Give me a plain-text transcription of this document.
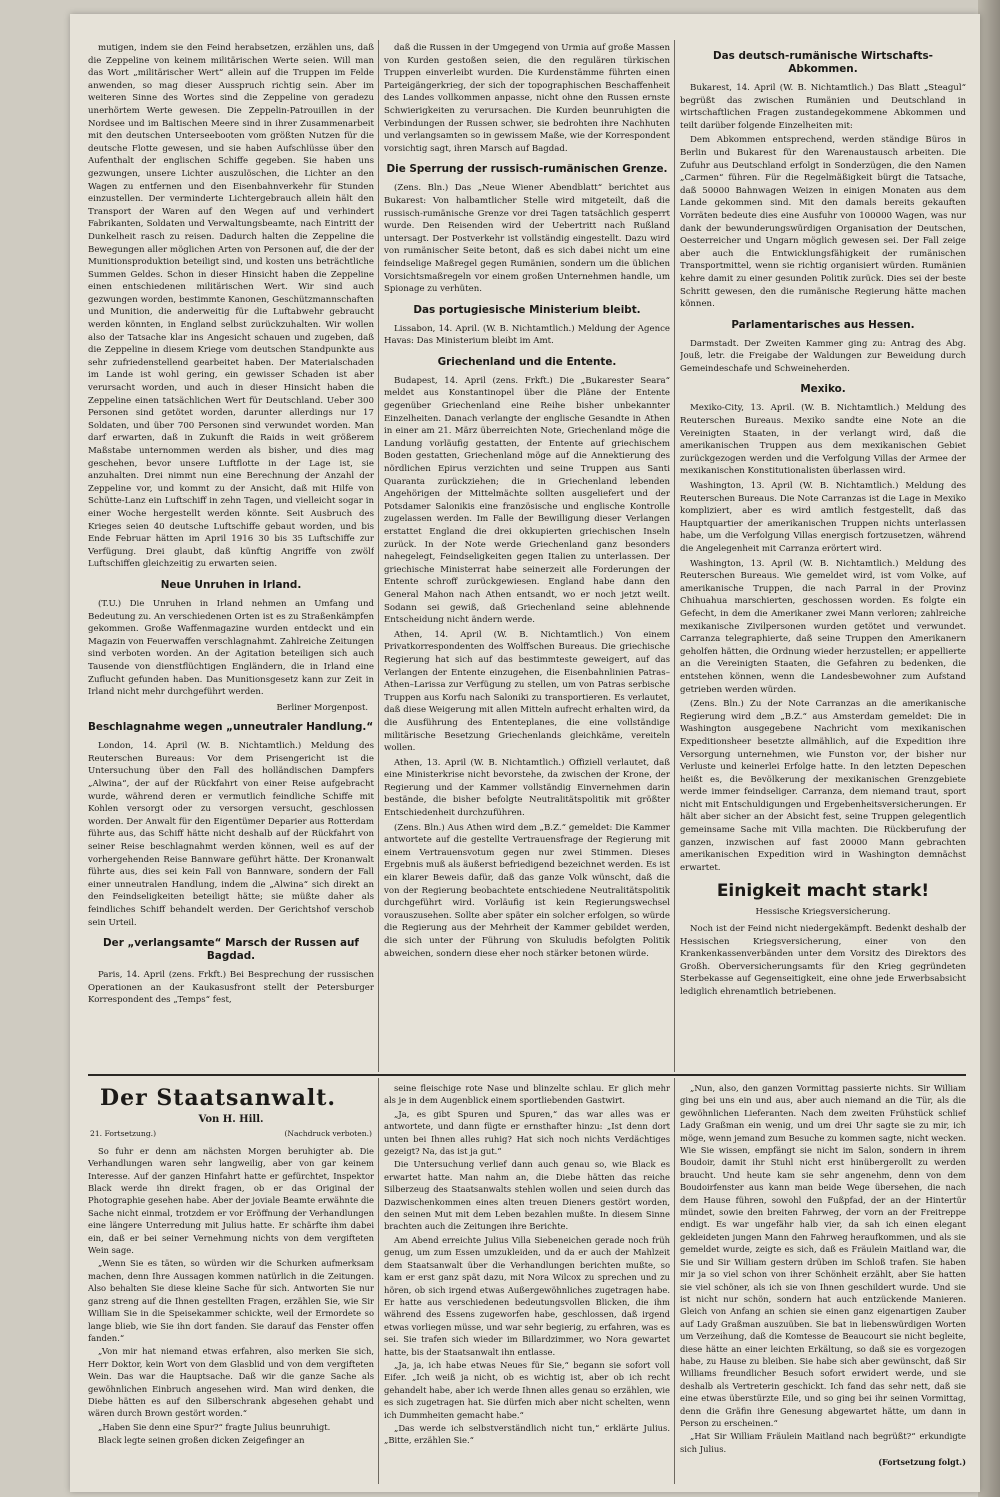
mutigen, indem sie den Feind herabsetzen, erzählen uns, daß die Zeppeline von keinem militärischen Werte seien. Will man das Wort „militärischer Wert“ allein auf die Truppen im Felde anwenden, so mag dieser Ausspruch richtig sein. Aber im weiteren Sinne des Wortes sind die Zeppeline von geradezu unerhörtem Werte gewesen. Die Zeppelin-Patrouillen in der Nordsee und im Baltischen Meere sind in ihrer Zusammenarbeit mit den deutschen Unterseebooten vom größten Nutzen für die deutsche Flotte gewesen, und sie haben Aufschlüsse über den Aufenthalt der englischen Schiffe gegeben. Sie haben uns gezwungen, unsere Lichter auszulöschen, die Lichter an den Wagen zu entfernen und den Eisenbahnverkehr für Stunden einzustellen. Der verminderte Lichtergebrauch allein hält den Transport der Waren auf den Wegen auf und verhindert Fabrikanten, Soldaten und Verwaltungsbeamte, nach Eintritt der Dunkelheit rasch zu reisen. Dadurch halten die Zeppeline die Bewegungen aller möglichen Arten von Personen auf, die der der Munitionsproduktion beteiligt sind, und kosten uns beträchtliche Summen Geldes. Schon in dieser Hinsicht haben die Zeppeline einen entschiedenen militärischen Wert. Wir sind auch gezwungen worden, bestimmte Kanonen, Geschützmannschaften und Munition, die anderweitig für die Luftabwehr gebraucht werden könnten, in England selbst zurückzuhalten. Wir wollen also der Tatsache klar ins Angesicht schauen und zugeben, daß die Zeppeline in diesem Kriege vom deutschen Standpunkte aus sehr zufriedenstellend gearbeitet haben. Der Materialschaden im Lande ist wohl gering, ein gewisser Schaden ist aber verursacht worden, und auch in dieser Hinsicht haben die Zeppeline einen tatsächlichen Wert für Deutschland. Ueber 300 Personen sind getötet worden, darunter allerdings nur 17 Soldaten, und über 700 Personen sind verwundet worden. Man darf erwarten, daß in Zukunft die Raids in weit größerem Maßstabe unternommen werden als bisher, und dies mag geschehen, bevor unsere Luftflotte in der Lage ist, sie anzuhalten. Drei nimmt nun eine Berechnung der Anzahl der Zeppeline vor, und kommt zu der Ansicht, daß mit Hilfe von Schütte-Lanz ein Luftschiff in zehn Tagen, und vielleicht sogar in einer Woche hergestellt werden könnte. Seit Ausbruch des Krieges seien 40 deutsche Luftschiffe gebaut worden, und bis Ende Februar hätten im April 1916 30 bis 35 Luftschiffe zur Verfügung. Drei glaubt, daß künftig Angriffe von zwölf Luftschiffen gleichzeitig zu erwarten seien.

Neue Unruhen in Irland.

(T.U.) Die Unruhen in Irland nehmen an Umfang und Bedeutung zu. An verschiedenen Orten ist es zu Straßenkämpfen gekommen. Große Waffenmagazine wurden entdeckt und ein Magazin von Feuerwaffen verschlagnahmt. Zahlreiche Zeitungen sind verboten worden. An der Agitation beteiligen sich auch Tausende von dienstflüchtigen Engländern, die in Irland eine Zuflucht gefunden haben. Das Munitionsgesetz kann zur Zeit in Irland nicht mehr durchgeführt werden.

Berliner Morgenpost.
Beschlagnahme wegen „unneutraler Handlung.“

London, 14. April (W. B. Nichtamtlich.) Meldung des Reuterschen Bureaus: Vor dem Prisengericht ist die Untersuchung über den Fall des holländischen Dampfers „Alwina“, der auf der Rückfahrt von einer Reise aufgebracht wurde, während deren er vermutlich feindliche Schiffe mit Kohlen versorgt oder zu versorgen versucht, geschlossen worden. Der Anwalt für den Eigentümer Deparier aus Rotterdam führte aus, das Schiff hätte nicht deshalb auf der Rückfahrt von seiner Reise beschlagnahmt werden können, weil es auf der vorhergehenden Reise Bannware geführt hätte. Der Kronanwalt führte aus, dies sei kein Fall von Bannware, sondern der Fall einer unneutralen Handlung, indem die „Alwina“ sich direkt an den Feindseligkeiten beteiligt hätte; sie müßte daher als feindliches Schiff behandelt werden. Der Gerichtshof verschob sein Urteil.

Der „verlangsamte“ Marsch der Russen auf Bagdad.

Paris, 14. April (zens. Frkft.) Bei Besprechung der russischen Operationen an der Kaukasusfront stellt der Petersburger Korrespondent des „Temps“ fest,

daß die Russen in der Umgegend von Urmia auf große Massen von Kurden gestoßen seien, die den regulären türkischen Truppen einverleibt wurden. Die Kurdenstämme führten einen Parteigängerkrieg, der sich der topographischen Beschaffenheit des Landes vollkommen anpasse, nicht ohne den Russen ernste Schwierigkeiten zu verursachen. Die Kurden beunruhigten die Verbindungen der Russen schwer, sie bedrohten ihre Nachhuten und verlangsamten so in gewissem Maße, wie der Korrespondent vorsichtig sagt, ihren Marsch auf Bagdad.

Die Sperrung der russisch-rumänischen Grenze.

(Zens. Bln.) Das „Neue Wiener Abendblatt“ berichtet aus Bukarest: Von halbamtlicher Stelle wird mitgeteilt, daß die russisch-rumänische Grenze vor drei Tagen tatsächlich gesperrt wurde. Den Reisenden wird der Uebertritt nach Rußland untersagt. Der Postverkehr ist vollständig eingestellt. Dazu wird von rumänischer Seite betont, daß es sich dabei nicht um eine feindselige Maßregel gegen Rumänien, sondern um die üblichen Vorsichtsmaßregeln vor einem großen Unternehmen handle, um Spionage zu verhüten.

Das portugiesische Ministerium bleibt.

Lissabon, 14. April. (W. B. Nichtamtlich.) Meldung der Agence Havas: Das Ministerium bleibt im Amt.

Griechenland und die Entente.

Budapest, 14. April (zens. Frkft.) Die „Bukarester Seara“ meldet aus Konstantinopel über die Pläne der Entente gegenüber Griechenland eine Reihe bisher unbekannter Einzelheiten. Danach verlangte der englische Gesandte in Athen in einer am 21. März überreichten Note, Griechenland möge die Landung vorläufig gestatten, der Entente auf griechischem Boden gestatten, Griechenland möge auf die Annektierung des nördlichen Epirus verzichten und seine Truppen aus Santi Quaranta zurückziehen; die in Griechenland lebenden Angehörigen der Mittelmächte sollten ausgeliefert und der Potsdamer Salonikis eine französische und englische Kontrolle zugelassen werden. Im Falle der Bewilligung dieser Verlangen erstattet England die drei okkupierten griechischen Inseln zurück. In der Note werde Griechenland ganz besonders nahegelegt, Feindseligkeiten gegen Italien zu unterlassen. Der griechische Ministerrat habe seinerzeit alle Forderungen der Entente schroff zurückgewiesen. England habe dann den General Mahon nach Athen entsandt, wo er noch jetzt weilt. Sodann sei gewiß, daß Griechenland seine ablehnende Entscheidung nicht ändern werde.

Athen, 14. April (W. B. Nichtamtlich.) Von einem Privatkorrespondenten des Wolffschen Bureaus. Die griechische Regierung hat sich auf das bestimmteste geweigert, auf das Verlangen der Entente einzugehen, die Eisenbahnlinien Patras–Athen–Larissa zur Verfügung zu stellen, um von Patras serbische Truppen aus Korfu nach Saloniki zu transportieren. Es verlautet, daß diese Weigerung mit allen Mitteln aufrecht erhalten wird, da die Ausführung des Ententeplanes, die eine vollständige militärische Besetzung Griechenlands gleichkäme, vereiteln wollen.

Athen, 13. April (W. B. Nichtamtlich.) Offiziell verlautet, daß eine Ministerkrise nicht bevorstehe, da zwischen der Krone, der Regierung und der Kammer vollständig Einvernehmen darin bestände, die bisher befolgte Neutralitätspolitik mit größter Entschiedenheit durchzuführen.

(Zens. Bln.) Aus Athen wird dem „B.Z.“ gemeldet: Die Kammer antwortete auf die gestellte Vertrauensfrage der Regierung mit einem Vertrauensvotum gegen nur zwei Stimmen. Dieses Ergebnis muß als äußerst befriedigend bezeichnet werden. Es ist ein klarer Beweis dafür, daß das ganze Volk wünscht, daß die von der Regierung beobachtete entschiedene Neutralitätspolitik durchgeführt wird. Vorläufig ist kein Regierungswechsel vorauszusehen. Sollte aber später ein solcher erfolgen, so würde die Regierung aus der Mehrheit der Kammer gebildet werden, die sich unter der Führung von Skuludis befolgten Politik abweichen, sondern diese eher noch stärker betonen würde.

Das deutsch-rumänische Wirtschafts-Abkommen.

Bukarest, 14. April (W. B. Nichtamtlich.) Das Blatt „Steagul“ begrüßt das zwischen Rumänien und Deutschland in wirtschaftlichen Fragen zustandegekommene Abkommen und teilt darüber folgende Einzelheiten mit:

Dem Abkommen entsprechend, werden ständige Büros in Berlin und Bukarest für den Warenaustausch arbeiten. Die Zufuhr aus Deutschland erfolgt in Sonderzügen, die den Namen „Carmen“ führen. Für die Regelmäßigkeit bürgt die Tatsache, daß 50000 Bahnwagen Weizen in einigen Monaten aus dem Lande gekommen sind. Mit den damals bereits gekauften Vorräten bedeute dies eine Ausfuhr von 100000 Wagen, was nur dank der bewunderungswürdigen Organisation der Deutschen, Oesterreicher und Ungarn möglich gewesen sei. Der Fall zeige aber auch die Entwicklungsfähigkeit der rumänischen Transportmittel, wenn sie richtig organisiert würden. Rumänien kehre damit zu einer gesunden Politik zurück. Dies sei der beste Schritt gewesen, den die rumänische Regierung hätte machen können.

Parlamentarisches aus Hessen.

Darmstadt. Der Zweiten Kammer ging zu: Antrag des Abg. Jouß, letr. die Freigabe der Waldungen zur Beweidung durch Gemeindeschafe und Schweineherden.

Mexiko.

Mexiko-City, 13. April. (W. B. Nichtamtlich.) Meldung des Reuterschen Bureaus. Mexiko sandte eine Note an die Vereinigten Staaten, in der verlangt wird, daß die amerikanischen Truppen aus dem mexikanischen Gebiet zurückgezogen werden und die Verfolgung Villas der Armee der mexikanischen Konstitutionalisten überlassen wird.

Washington, 13. April (W. B. Nichtamtlich.) Meldung des Reuterschen Bureaus. Die Note Carranzas ist die Lage in Mexiko kompliziert, aber es wird amtlich festgestellt, daß das Hauptquartier der amerikanischen Truppen nichts unterlassen habe, um die Verfolgung Villas energisch fortzusetzen, während die Angelegenheit mit Carranza erörtert wird.

Washington, 13. April (W. B. Nichtamtlich.) Meldung des Reuterschen Bureaus. Wie gemeldet wird, ist vom Volke, auf amerikanische Truppen, die nach Parral in der Provinz Chihuahua marschierten, geschossen worden. Es folgte ein Gefecht, in dem die Amerikaner zwei Mann verloren; zahlreiche mexikanische Zivilpersonen wurden getötet und verwundet. Carranza telegraphierte, daß seine Truppen den Amerikanern geholfen hätten, die Ordnung wieder herzustellen; er appellierte an die Vereinigten Staaten, die Gefahren zu bedenken, die entstehen können, wenn die Landesbewohner zum Aufstand getrieben werden würden.

(Zens. Bln.) Zu der Note Carranzas an die amerikanische Regierung wird dem „B.Z.“ aus Amsterdam gemeldet: Die in Washington ausgegebene Nachricht vom mexikanischen Expeditionsheer besetzte allmählich, auf die Expedition ihre Versorgung unternehmen, wie Funston vor, der bisher nur Verluste und keinerlei Erfolge hatte. In den letzten Depeschen heißt es, die Bevölkerung der mexikanischen Grenzgebiete werde immer feindseliger. Carranza, dem niemand traut, sport nicht mit Entschuldigungen und Ergebenheitsversicherungen. Er hält aber sicher an der Absicht fest, seine Truppen gelegentlich gemeinsame Sache mit Villa machten. Die Rückberufung der ganzen, inzwischen auf fast 20000 Mann gebrachten amerikanischen Expedition wird in Washington demnächst erwartet.

Einigkeit macht stark!
Hessische Kriegsversicherung.

Noch ist der Feind nicht niedergekämpft. Bedenkt deshalb der Hessischen Kriegsversicherung, einer von den Krankenkassenverbänden unter dem Vorsitz des Direktors des Großh. Oberversicherungsamts für den Krieg gegründeten Sterbekasse auf Gegenseitigkeit, eine ohne jede Erwerbsabsicht lediglich ehrenamtlich betriebenen.

Der Staatsanwalt.
Von H. Hill.
21. Fortsetzung.)	(Nachdruck verboten.)

So fuhr er denn am nächsten Morgen beruhigter ab. Die Verhandlungen waren sehr langweilig, aber von gar keinem Interesse. Auf der ganzen Hinfahrt hatte er gefürchtet, Inspektor Black werde ihn direkt fragen, ob er das Original der Photographie gesehen habe. Aber der joviale Beamte erwähnte die Sache nicht einmal, trotzdem er vor Eröffnung der Verhandlungen eine längere Unterredung mit Julius hatte. Er schärfte ihm dabei ein, daß er bei seiner Vernehmung nichts von dem vergifteten Wein sage.

„Wenn Sie es täten, so würden wir die Schurken aufmerksam machen, denn Ihre Aussagen kommen natürlich in die Zeitungen. Also behalten Sie diese kleine Sache für sich. Antworten Sie nur ganz streng auf die Ihnen gestellten Fragen, erzählen Sie, wie Sir William Sie in die Speisekammer schickte, weil der Ermordete so lange blieb, wie Sie ihn dort fanden. Sie darauf das Fenster offen fanden.“

„Von mir hat niemand etwas erfahren, also merken Sie sich, Herr Doktor, kein Wort von dem Glasblid und von dem vergifteten Wein. Das war die Hauptsache. Daß wir die ganze Sache als gewöhnlichen Einbruch angesehen wird. Man wird denken, die Diebe hätten es auf den Silberschrank abgesehen gehabt und wären durch Brown gestört worden.“

„Haben Sie denn eine Spur?“ fragte Julius beunruhigt.

Black legte seinen großen dicken Zeigefinger an

seine fleischige rote Nase und blinzelte schlau. Er glich mehr als je in dem Augenblick einem sportliebenden Gastwirt.

„Ja, es gibt Spuren und Spuren,“ das war alles was er antwortete, und dann fügte er ernsthafter hinzu: „Ist denn dort unten bei Ihnen alles ruhig? Hat sich noch nichts Verdächtiges gezeigt? Na, das ist ja gut.“

Die Untersuchung verlief dann auch genau so, wie Black es erwartet hatte. Man nahm an, die Diebe hätten das reiche Silberzeug des Staatsanwalts stehlen wollen und seien durch das Dazwischenkommen eines alten treuen Dieners gestört worden, den seinen Mut mit dem Leben bezahlen mußte. In diesem Sinne brachten auch die Zeitungen ihre Berichte.

Am Abend erreichte Julius Villa Siebeneichen gerade noch früh genug, um zum Essen umzukleiden, und da er auch der Mahlzeit dem Staatsanwalt über die Verhandlungen berichten mußte, so kam er erst ganz spät dazu, mit Nora Wilcox zu sprechen und zu hören, ob sich irgend etwas Außergewöhnliches zugetragen habe. Er hatte aus verschiedenen bedeutungsvollen Blicken, die ihm während des Essens zugeworfen habe, geschlossen, daß irgend etwas vorliegen müsse, und war sehr begierig, zu erfahren, was es sei. Sie trafen sich wieder im Billardzimmer, wo Nora gewartet hatte, bis der Staatsanwalt ihn entlasse.

„Ja, ja, ich habe etwas Neues für Sie,“ begann sie sofort voll Eifer. „Ich weiß ja nicht, ob es wichtig ist, aber ob ich recht gehandelt habe, aber ich werde Ihnen alles genau so erzählen, wie es sich zugetragen hat. Sie dürfen mich aber nicht schelten, wenn ich Dummheiten gemacht habe.“

„Das werde ich selbstverständlich nicht tun,“ erklärte Julius. „Bitte, erzählen Sie.“

„Nun, also, den ganzen Vormittag passierte nichts. Sir William ging bei uns ein und aus, aber auch niemand an die Tür, als die gewöhnlichen Lieferanten. Nach dem zweiten Frühstück schlief Lady Graßman ein wenig, und um drei Uhr sagte sie zu mir, ich möge, wenn jemand zum Besuche zu kommen sagte, nicht wecken. Wie Sie wissen, empfängt sie nicht im Salon, sondern in ihrem Boudoir, damit ihr Stuhl nicht erst hinübergerollt zu werden braucht. Und heute kam sie sehr angenehm, denn von dem Boudoirfenster aus kann man beide Wege übersehen, die nach dem Hause führen, sowohl den Fußpfad, der an der Hintertür mündet, sowie den breiten Fahrweg, der vorn an der Freitreppe endigt. Es war ungefähr halb vier, da sah ich einen elegant gekleideten jungen Mann den Fahrweg heraufkommen, und als sie gemeldet wurde, zeigte es sich, daß es Fräulein Maitland war, die Sie und Sir William gestern drüben im Schloß trafen. Sie haben mir ja so viel schon von ihrer Schönheit erzählt, aber Sie hatten sie viel schöner, als ich sie von Ihnen geschildert wurde. Und sie ist nicht nur schön, sondern hat auch entzückende Manieren. Gleich von Anfang an schien sie einen ganz eigenartigen Zauber auf Lady Graßman auszuüben. Sie bat in liebenswürdigen Worten um Verzeihung, daß die Komtesse de Beaucourt sie nicht begleite, diese hätte an einer leichten Erkältung, so daß sie es vorgezogen habe, zu Hause zu bleiben. Sie habe sich aber gewünscht, daß Sir Williams freundlicher Besuch sofort erwidert werde, und sie deshalb als Vertreterin geschickt. Ich fand das sehr nett, daß sie eine etwas überstürzte Eile, und so ging bei ihr seinen Vormittag, denn die Gräfin ihre Genesung abgewartet hätte, um dann in Person zu erscheinen.“

„Hat Sir William Fräulein Maitland nach begrüßt?“ erkundigte sich Julius.

(Fortsetzung folgt.)
